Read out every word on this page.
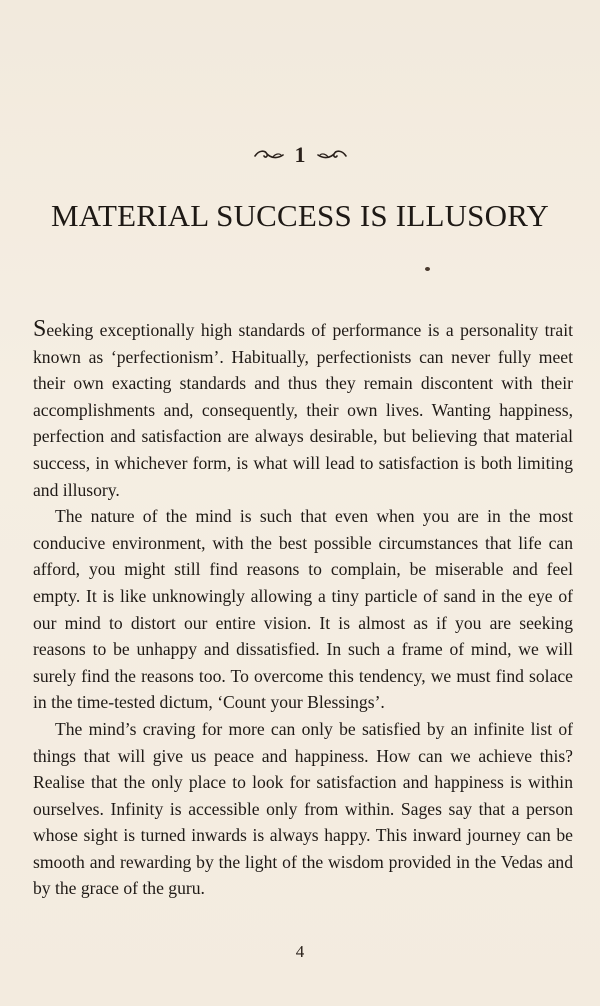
1
MATERIAL SUCCESS IS ILLUSORY

Seeking exceptionally high standards of performance is a personality trait known as ‘perfectionism’. Habitually, perfectionists can never fully meet their own exacting standards and thus they remain discontent with their accomplishments and, consequently, their own lives. Wanting happiness, perfection and satisfaction are always desirable, but believing that material success, in whichever form, is what will lead to satisfaction is both limiting and illusory.

The nature of the mind is such that even when you are in the most conducive environment, with the best possible circumstances that life can afford, you might still find reasons to complain, be miserable and feel empty. It is like unknowingly allowing a tiny particle of sand in the eye of our mind to distort our entire vision. It is almost as if you are seeking reasons to be unhappy and dissatisfied. In such a frame of mind, we will surely find the reasons too. To overcome this tendency, we must find solace in the time-tested dictum, ‘Count your Blessings’.

The mind’s craving for more can only be satisfied by an infinite list of things that will give us peace and happiness. How can we achieve this? Realise that the only place to look for satisfaction and happiness is within ourselves. Infinity is accessible only from within. Sages say that a person whose sight is turned inwards is always happy. This inward journey can be smooth and rewarding by the light of the wisdom provided in the Vedas and by the grace of the guru.

4
